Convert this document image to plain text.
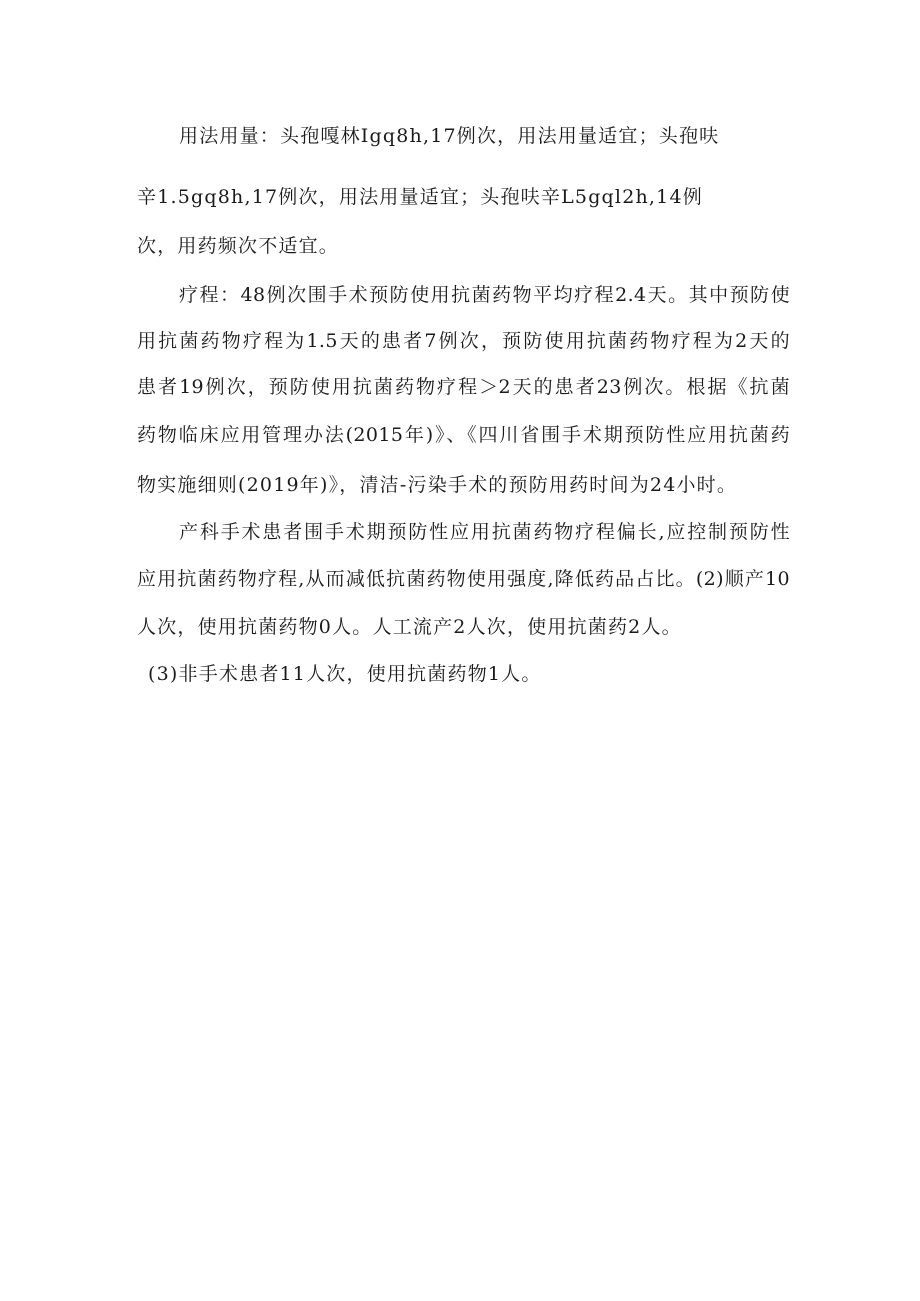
用法用量：头孢嘎林Igq8h,17例次，用法用量适宜；头孢呋
辛1.5gq8h,17例次，用法用量适宜；头孢呋辛L5gql2h,14例
次，用药频次不适宜。
疗程：48例次围手术预防使用抗菌药物平均疗程2.4天。其中预防使
用抗菌药物疗程为1.5天的患者7例次，预防使用抗菌药物疗程为2天的
患者19例次，预防使用抗菌药物疗程＞2天的患者23例次。根据《抗菌
药物临床应用管理办法(2015年)》、《四川省围手术期预防性应用抗菌药
物实施细则(2019年)》，清洁-污染手术的预防用药时间为24小时。
产科手术患者围手术期预防性应用抗菌药物疗程偏长,应控制预防性
应用抗菌药物疗程,从而减低抗菌药物使用强度,降低药品占比。(2)顺产10
人次，使用抗菌药物0人。人工流产2人次，使用抗菌药2人。
(3)非手术患者11人次，使用抗菌药物1人。
